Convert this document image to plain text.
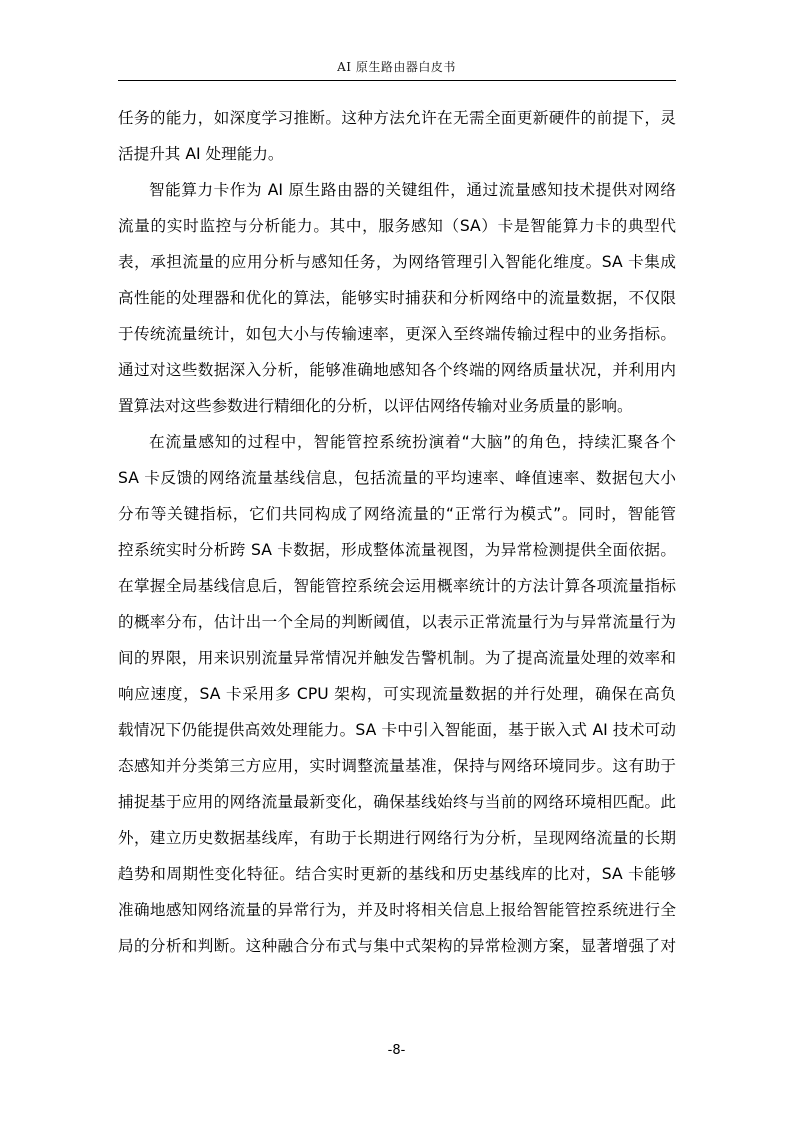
AI 原生路由器白皮书
任务的能力，如深度学习推断。这种方法允许在无需全面更新硬件的前提下，灵
活提升其 AI 处理能力。
智能算力卡作为 AI 原生路由器的关键组件，通过流量感知技术提供对网络
流量的实时监控与分析能力。其中，服务感知（SA）卡是智能算力卡的典型代
表，承担流量的应用分析与感知任务，为网络管理引入智能化维度。SA 卡集成
高性能的处理器和优化的算法，能够实时捕获和分析网络中的流量数据，不仅限
于传统流量统计，如包大小与传输速率，更深入至终端传输过程中的业务指标。
通过对这些数据深入分析，能够准确地感知各个终端的网络质量状况，并利用内
置算法对这些参数进行精细化的分析，以评估网络传输对业务质量的影响。
在流量感知的过程中，智能管控系统扮演着“大脑”的角色，持续汇聚各个
SA 卡反馈的网络流量基线信息，包括流量的平均速率、峰值速率、数据包大小
分布等关键指标，它们共同构成了网络流量的“正常行为模式”。同时，智能管
控系统实时分析跨 SA 卡数据，形成整体流量视图，为异常检测提供全面依据。
在掌握全局基线信息后，智能管控系统会运用概率统计的方法计算各项流量指标
的概率分布，估计出一个全局的判断阈值，以表示正常流量行为与异常流量行为
间的界限，用来识别流量异常情况并触发告警机制。为了提高流量处理的效率和
响应速度，SA 卡采用多 CPU 架构，可实现流量数据的并行处理，确保在高负
载情况下仍能提供高效处理能力。SA 卡中引入智能面，基于嵌入式 AI 技术可动
态感知并分类第三方应用，实时调整流量基准，保持与网络环境同步。这有助于
捕捉基于应用的网络流量最新变化，确保基线始终与当前的网络环境相匹配。此
外，建立历史数据基线库，有助于长期进行网络行为分析，呈现网络流量的长期
趋势和周期性变化特征。结合实时更新的基线和历史基线库的比对，SA 卡能够
准确地感知网络流量的异常行为，并及时将相关信息上报给智能管控系统进行全
局的分析和判断。这种融合分布式与集中式架构的异常检测方案，显著增强了对
-8-
